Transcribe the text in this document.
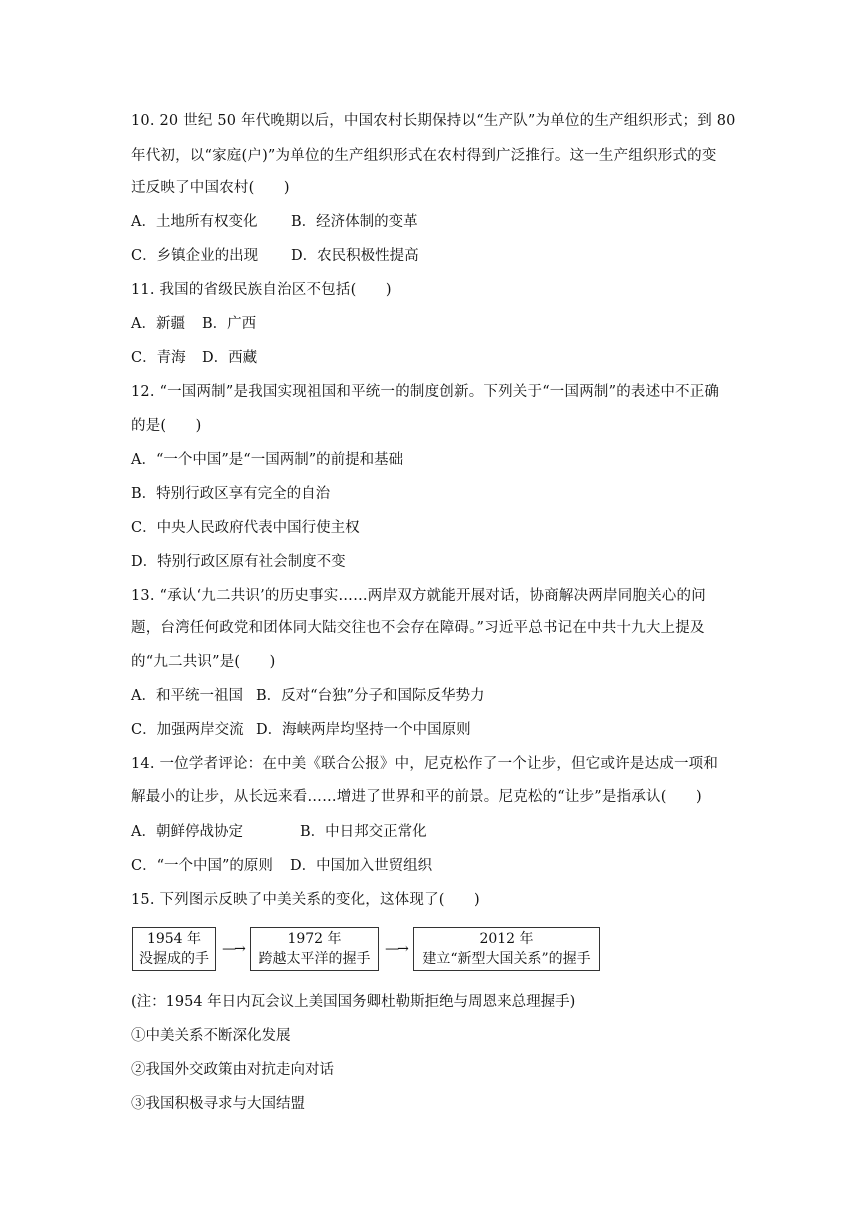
10. 20 世纪 50 年代晚期以后，中国农村长期保持以“生产队”为单位的生产组织形式；到 80
年代初，以“家庭(户)”为单位的生产组织形式在农村得到广泛推行。这一生产组织形式的变
迁反映了中国农村(　　)
A．土地所有权变化 B．经济体制的变革
C．乡镇企业的出现 D．农民积极性提高
11. 我国的省级民族自治区不包括(　　)
A．新疆 B．广西
C．青海 D．西藏
12. “一国两制”是我国实现祖国和平统一的制度创新。下列关于“一国两制”的表述中不正确
的是(　　)
A．“一个中国”是“一国两制”的前提和基础
B．特别行政区享有完全的自治
C．中央人民政府代表中国行使主权
D．特别行政区原有社会制度不变
13. “承认‘九二共识’的历史事实……两岸双方就能开展对话，协商解决两岸同胞关心的问
题，台湾任何政党和团体同大陆交往也不会存在障碍。”习近平总书记在中共十九大上提及
的“九二共识”是(　　)
A．和平统一祖国 B．反对“台独”分子和国际反华势力
C．加强两岸交流 D．海峡两岸均坚持一个中国原则
14. 一位学者评论：在中美《联合公报》中，尼克松作了一个让步，但它或许是达成一项和
解最小的让步，从长远来看……增进了世界和平的前景。尼克松的“让步”是指承认(　　)
A．朝鲜停战协定	B．中日邦交正常化
C．“一个中国”的原则 D．中国加入世贸组织
15. 下列图示反映了中美关系的变化，这体现了(　　)
1954 年
没握成的手
—→
1972 年
跨越太平洋的握手
—→
2012 年
建立“新型大国关系”的握手
(注：1954 年日内瓦会议上美国国务卿杜勒斯拒绝与周恩来总理握手)
①中美关系不断深化发展
②我国外交政策由对抗走向对话
③我国积极寻求与大国结盟
